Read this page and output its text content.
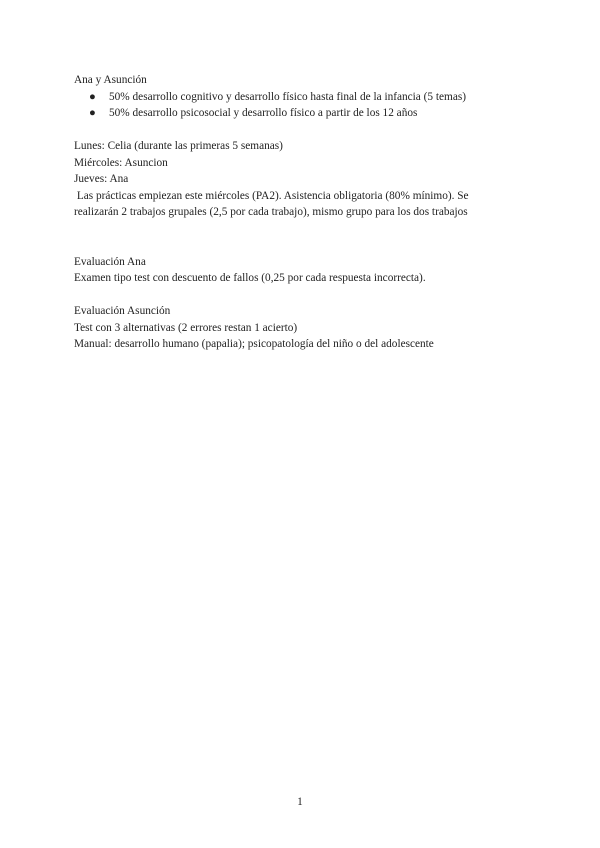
Ana y Asunción
● 50% desarrollo cognitivo y desarrollo físico hasta final de la infancia (5 temas)
● 50% desarrollo psicosocial y desarrollo físico a partir de los 12 años
Lunes: Celia (durante las primeras 5 semanas)
Miércoles: Asuncion
Jueves: Ana
Las prácticas empiezan este miércoles (PA2). Asistencia obligatoria (80% mínimo). Se
realizarán 2 trabajos grupales (2,5 por cada trabajo), mismo grupo para los dos trabajos
Evaluación Ana
Examen tipo test con descuento de fallos (0,25 por cada respuesta incorrecta).
Evaluación Asunción
Test con 3 alternativas (2 errores restan 1 acierto)
Manual: desarrollo humano (papalia); psicopatología del niño o del adolescente
1
